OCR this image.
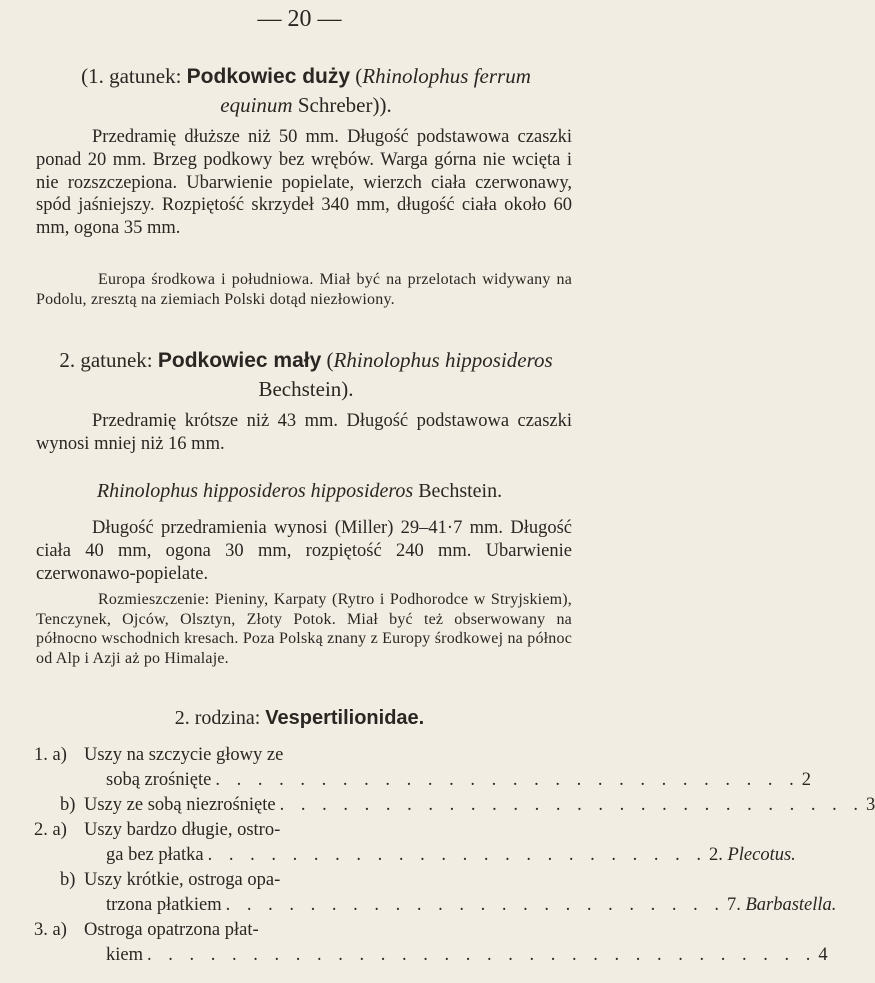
— 20 —
(1. gatunek: Podkowiec duży (Rhinolophus ferrum equinum Schreber)).
Przedramię dłuższe niż 50 mm. Długość podstawowa czaszki ponad 20 mm. Brzeg podkowy bez wrębów. Warga górna nie wcięta i nie rozszczepiona. Ubarwienie popielate, wierzch ciała czerwonawy, spód jaśniejszy. Rozpiętość skrzydeł 340 mm, długość ciała około 60 mm, ogona 35 mm.
Europa środkowa i południowa. Miał być na przelotach widywany na Podolu, zresztą na ziemiach Polski dotąd niezłowiony.
2. gatunek: Podkowiec mały (Rhinolophus hipposideros Bechstein).
Przedramię krótsze niż 43 mm. Długość podstawowa czaszki wynosi mniej niż 16 mm.
Rhinolophus hipposideros hipposideros Bechstein.
Długość przedramienia wynosi (Miller) 29–41·7 mm. Długość ciała 40 mm, ogona 30 mm, rozpiętość 240 mm. Ubarwienie czerwonawo-popielate.
Rozmieszczenie: Pieniny, Karpaty (Rytro i Podhorodce w Stryjskiem), Tenczynek, Ojców, Olsztyn, Złoty Potok. Miał być też obserwowany na północno wschodnich kresach. Poza Polską znany z Europy środkowej na północ od Alp i Azji aż po Himalaje.
2. rodzina: Vespertilionidae.
1. a) Uszy na szczycie głowy ze
sobą zrośnięte . . . . . . . . . . . . . . . . . . . . . . . . . . . . 2
b) Uszy ze sobą niezrośnięte . . . . . . . . . . . . . . . . . . . . . . . . . . . . 3
2. a) Uszy bardzo długie, ostro-
ga bez płatka . . . . . . . . . . . . . . . . . . . . . . . . 2. Plecotus.
b) Uszy krótkie, ostroga opa-
trzona płatkiem . . . . . . . . . . . . . . . . . . . . . . . . 7. Barbastella.
3. a) Ostroga opatrzona płat-
kiem . . . . . . . . . . . . . . . . . . . . . . . . . . . . . . . . 4
